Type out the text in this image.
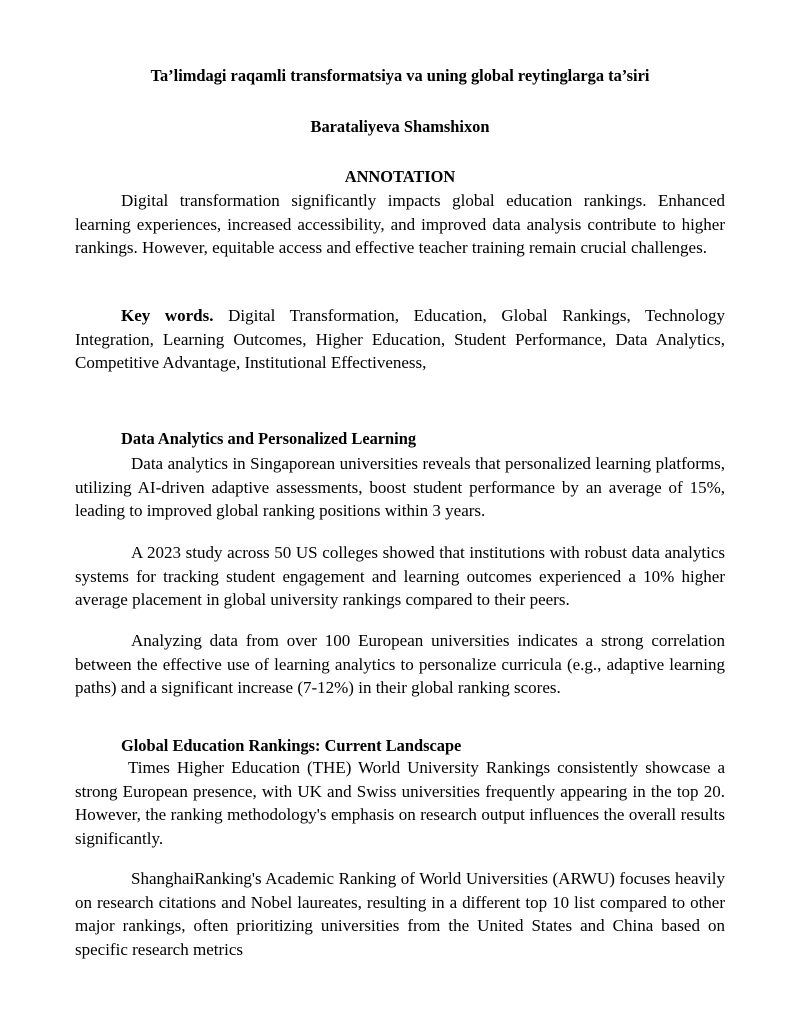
Ta’limdagi raqamli transformatsiya va uning global reytinglarga ta’siri
Barataliyeva Shamshixon
ANNOTATION

Digital transformation significantly impacts global education rankings. Enhanced learning experiences, increased accessibility, and improved data analysis contribute to higher rankings. However, equitable access and effective teacher training remain crucial challenges.

Key words. Digital Transformation, Education, Global Rankings, Technology Integration, Learning Outcomes, Higher Education, Student Performance, Data Analytics, Competitive Advantage, Institutional Effectiveness,

Data Analytics and Personalized Learning

Data analytics in Singaporean universities reveals that personalized learning platforms, utilizing AI-driven adaptive assessments, boost student performance by an average of 15%, leading to improved global ranking positions within 3 years.

A 2023 study across 50 US colleges showed that institutions with robust data analytics systems for tracking student engagement and learning outcomes experienced a 10% higher average placement in global university rankings compared to their peers.

Analyzing data from over 100 European universities indicates a strong correlation between the effective use of learning analytics to personalize curricula (e.g., adaptive learning paths) and a significant increase (7-12%) in their global ranking scores.

Global Education Rankings: Current Landscape

Times Higher Education (THE) World University Rankings consistently showcase a strong European presence, with UK and Swiss universities frequently appearing in the top 20. However, the ranking methodology's emphasis on research output influences the overall results significantly.

ShanghaiRanking's Academic Ranking of World Universities (ARWU) focuses heavily on research citations and Nobel laureates, resulting in a different top 10 list compared to other major rankings, often prioritizing universities from the United States and China based on specific research metrics
